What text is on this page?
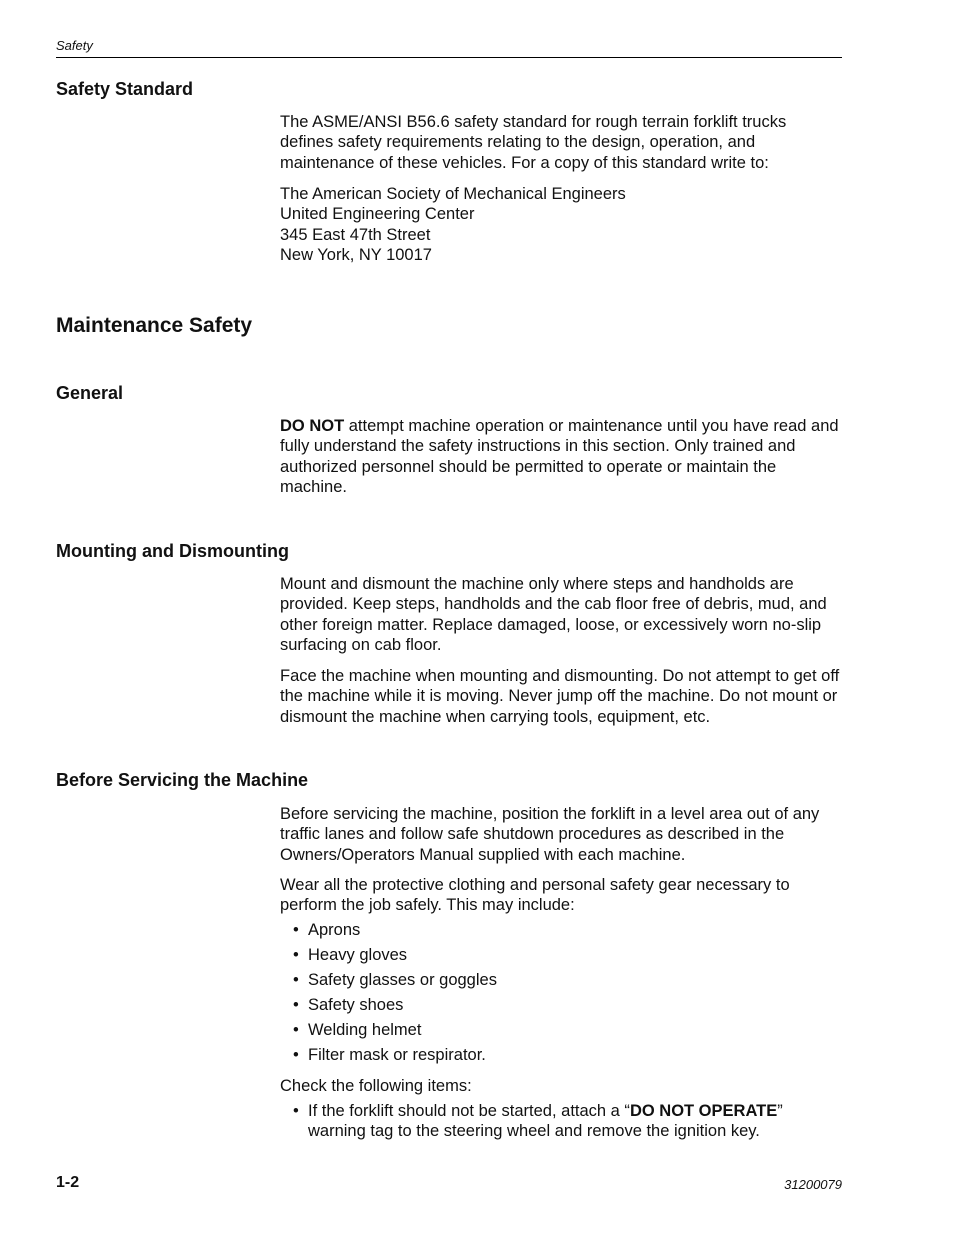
Safety
Safety Standard

The ASME/ANSI B56.6 safety standard for rough terrain forklift trucks defines safety requirements relating to the design, operation, and maintenance of these vehicles. For a copy of this standard write to:

The American Society of Mechanical Engineers
United Engineering Center
345 East 47th Street
New York, NY 10017

Maintenance Safety
General

DO NOT attempt machine operation or maintenance until you have read and fully understand the safety instructions in this section. Only trained and authorized personnel should be permitted to operate or maintain the machine.

Mounting and Dismounting

Mount and dismount the machine only where steps and handholds are provided. Keep steps, handholds and the cab floor free of debris, mud, and other foreign matter. Replace damaged, loose, or excessively worn no-slip surfacing on cab floor.

Face the machine when mounting and dismounting. Do not attempt to get off the machine while it is moving. Never jump off the machine. Do not mount or dismount the machine when carrying tools, equipment, etc.

Before Servicing the Machine

Before servicing the machine, position the forklift in a level area out of any traffic lanes and follow safe shutdown procedures as described in the Owners/Operators Manual supplied with each machine.

Wear all the protective clothing and personal safety gear necessary to perform the job safely. This may include:

• Aprons
• Heavy gloves
• Safety glasses or goggles
• Safety shoes
• Welding helmet
• Filter mask or respirator.

Check the following items:

• If the forklift should not be started, attach a “DO NOT OPERATE” warning tag to the steering wheel and remove the ignition key.
1-2	31200079
